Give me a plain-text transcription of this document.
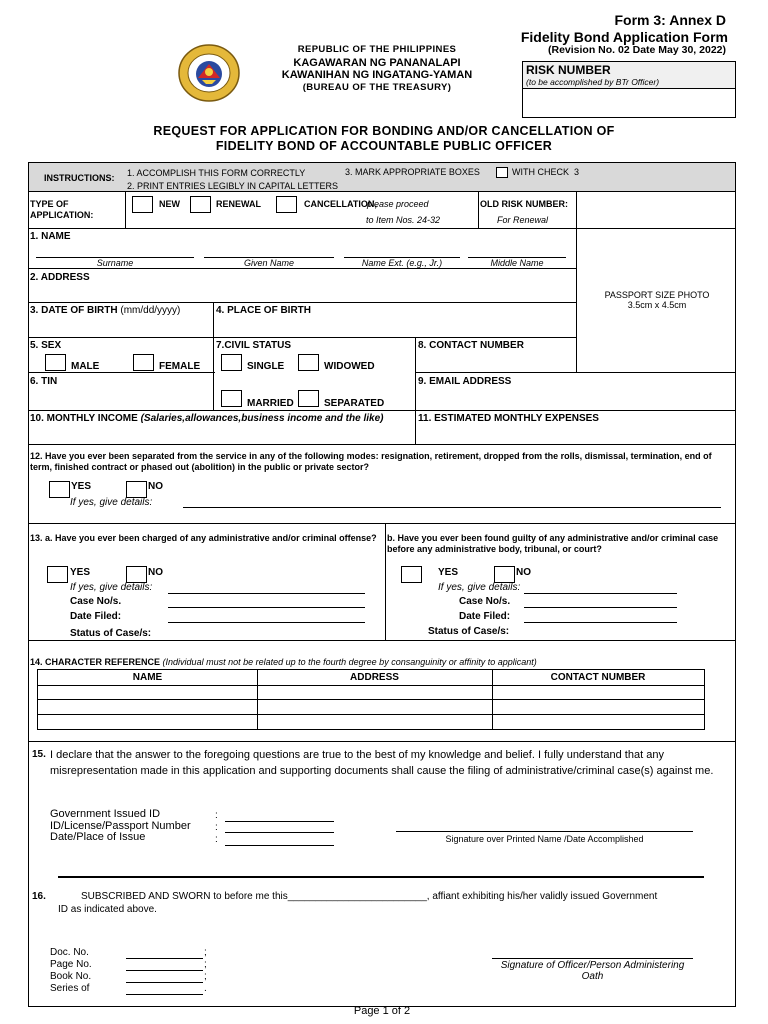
Form 3: Annex D
Fidelity Bond Application Form
(Revision No. 02 Date May 30, 2022)
REPUBLIC OF THE PHILIPPINES
KAGAWARAN NG PANANALAPI
KAWANIHAN NG INGATANG-YAMAN
(BUREAU OF THE TREASURY)
RISK NUMBER
(to be accomplished by BTr Officer)
REQUEST FOR APPLICATION FOR BONDING AND/OR CANCELLATION OF
FIDELITY BOND OF ACCOUNTABLE PUBLIC OFFICER
INSTRUCTIONS: 1. ACCOMPLISH THIS FORM CORRECTLY
2. PRINT ENTRIES LEGIBLY IN CAPITAL LETTERS
3. MARK APPROPRIATE BOXES	WITH CHECK 3
TYPE OF APPLICATION:
NEW	RENEWAL	CANCELLATION,
please proceed
to Item Nos. 24-32
OLD RISK NUMBER:
For Renewal
PASSPORT SIZE PHOTO
3.5cm x 4.5cm
1. NAME
Surname	Given Name	Name Ext. (e.g., Jr.)	Middle Name
2. ADDRESS
3. DATE OF BIRTH (mm/dd/yyyy)	4. PLACE OF BIRTH
5. SEX
MALE	FEMALE
7.CIVIL STATUS
SINGLE	WIDOWED
MARRIED	SEPARATED
8. CONTACT NUMBER
6. TIN	9. EMAIL ADDRESS
10. MONTHLY INCOME (Salaries,allowances,business income and the like)	11. ESTIMATED MONTHLY EXPENSES
12. Have you ever been separated from the service in any of the following modes: resignation, retirement, dropped from the rolls, dismissal, termination, end of term, finished contract or phased out (abolition) in the public or private sector?
YES	NO
If yes, give details:
13. a. Have you ever been charged of any administrative and/or criminal offense?	b. Have you ever been found guilty of any administrative and/or criminal case before any administrative body, tribunal, or court?
YES	NO
If yes, give details:
Case No/s.
Date Filed:
Status of Case/s:
YES	NO
If yes, give details:
Case No/s.
Date Filed:
Status of Case/s:
14. CHARACTER REFERENCE (Individual must not be related up to the fourth degree by consanguinity or affinity to applicant)
NAME	ADDRESS	CONTACT NUMBER
15. I declare that the answer to the foregoing questions are true to the best of my knowledge and belief. I fully understand that any misrepresentation made in this application and supporting documents shall cause the filing of administrative/criminal case(s) against me.
Government Issued ID
ID/License/Passport Number
Date/Place of Issue
:
:
:	Signature over Printed Name /Date Accomplished
16.	SUBSCRIBED AND SWORN to before me this_________________________, affiant exhibiting his/her validly issued Government
ID as indicated above.
Doc. No.
Page No.
Book No.
Series of
;
;
;
.
Signature of Officer/Person Administering
Oath
Page 1 of 2
